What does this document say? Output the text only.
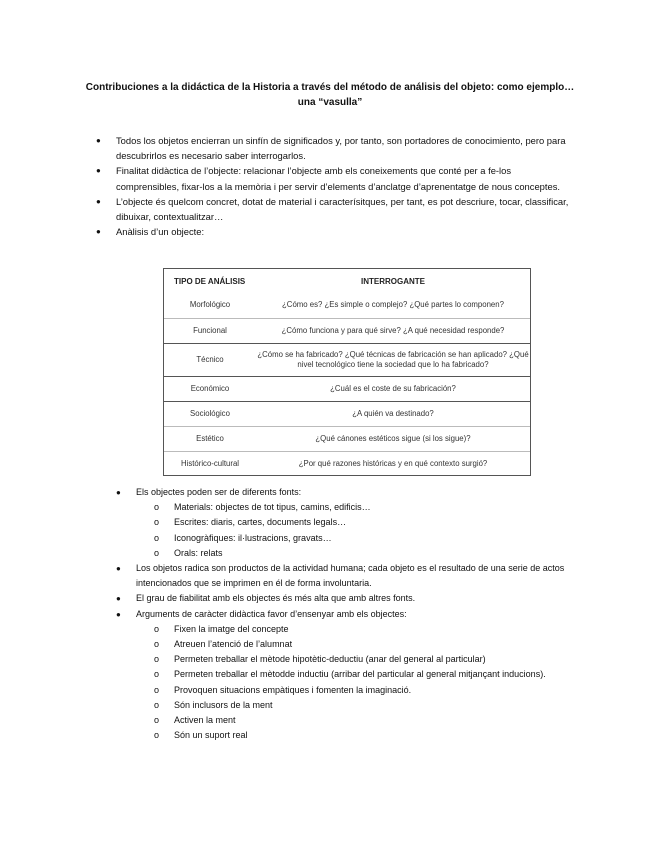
Contribuciones a la didáctica de la Historia a través del método de análisis del objeto: como ejemplo… una “vasulla”
● Todos los objetos encierran un sinfín de significados y, por tanto, son portadores de conocimiento, pero para descubrirlos es necesario saber interrogarlos.
● Finalitat didàctica de l’objecte: relacionar l’objecte amb els coneixements que conté per a fe-los comprensibles, fixar-los a la memòria i per servir d’elements d’anclatge d’aprenentatge de nous conceptes.
● L’objecte és quelcom concret, dotat de material i caracterísitques, per tant, es pot descriure, tocar, classificar, dibuixar, contextualitzar…
● Anàlisis d’un objecte:
TIPO DE ANÁLISIS	INTERROGANTE
Morfológico	¿Cómo es? ¿Es simple o complejo? ¿Qué partes lo componen?
Funcional	¿Cómo funciona y para qué sirve? ¿A qué necesidad responde?
Técnico	¿Cómo se ha fabricado? ¿Qué técnicas de fabricación se han aplicado? ¿Qué nivel tecnológico tiene la sociedad que lo ha fabricado?
Económico	¿Cuál es el coste de su fabricación?
Sociológico	¿A quién va destinado?
Estético	¿Qué cánones estéticos sigue (si los sigue)?
Histórico-cultural	¿Por qué razones históricas y en qué contexto surgió?
● Els objectes poden ser de diferents fonts:
o Materials: objectes de tot tipus, camins, edificis…
o Escrites: diaris, cartes, documents legals…
o Iconogràfiques: il·lustracions, gravats…
o Orals: relats
● Los objetos radica son productos de la actividad humana; cada objeto es el resultado de una serie de actos intencionados que se imprimen en él de forma involuntaria.
● El grau de fiabilitat amb els objectes és més alta que amb altres fonts.
● Arguments de caràcter didàctica favor d’ensenyar amb els objectes:
o Fixen la imatge del concepte
o Atreuen l’atenció de l’alumnat
o Permeten treballar el mètode hipotètic-deductiu (anar del general al particular)
o Permeten treballar el mètodde inductiu (arribar del particular al general mitjançant inducions).
o Provoquen situacions empàtiques i fomenten la imaginació.
o Són inclusors de la ment
o Activen la ment
o Són un suport real
